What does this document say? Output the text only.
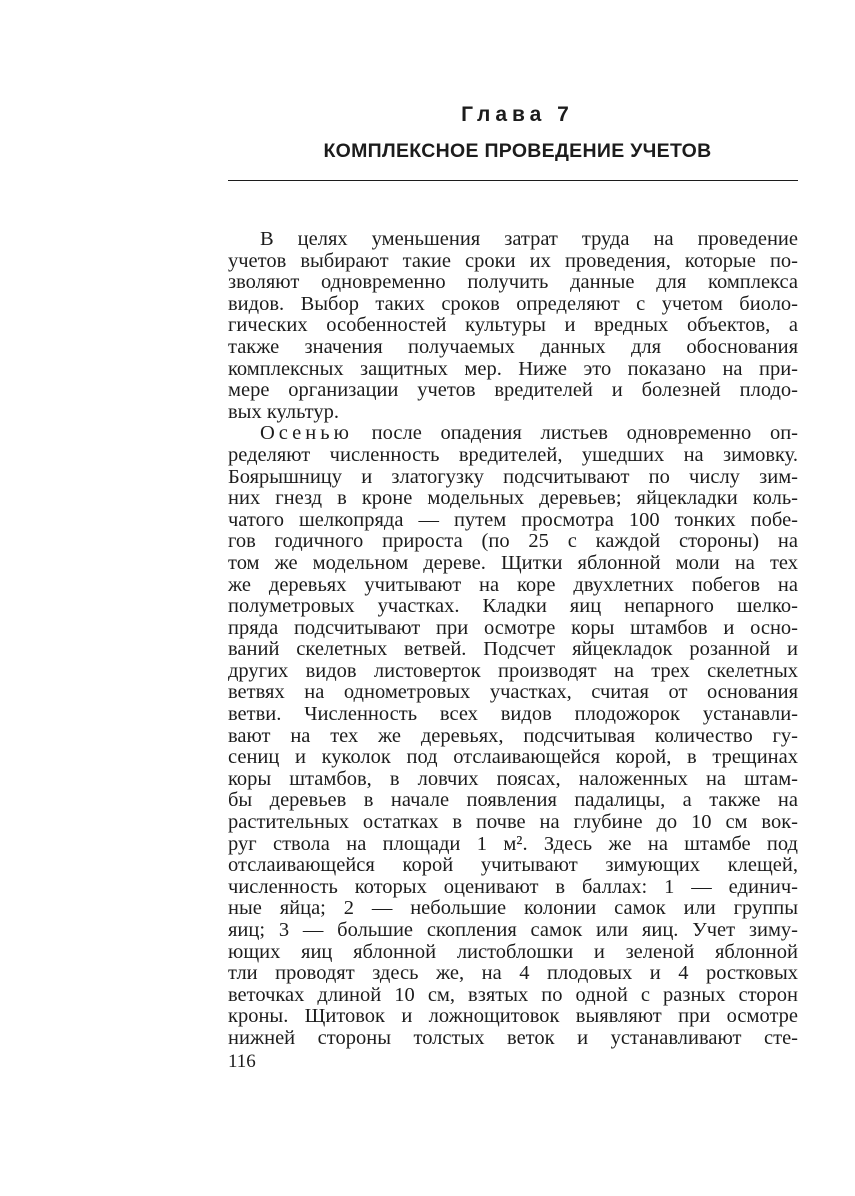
Глава 7
КОМПЛЕКСНОЕ ПРОВЕДЕНИЕ УЧЕТОВ
В целях уменьшения затрат труда на проведение
учетов выбирают такие сроки их проведения, которые по-
зволяют одновременно получить данные для комплекса
видов. Выбор таких сроков определяют с учетом биоло-
гических особенностей культуры и вредных объектов, а
также значения получаемых данных для обоснования
комплексных защитных мер. Ниже это показано на при-
мере организации учетов вредителей и болезней плодо-
вых культур.
Осенью после опадения листьев одновременно оп-
ределяют численность вредителей, ушедших на зимовку.
Боярышницу и златогузку подсчитывают по числу зим-
них гнезд в кроне модельных деревьев; яйцекладки коль-
чатого шелкопряда — путем просмотра 100 тонких побе-
гов годичного прироста (по 25 с каждой стороны) на
том же модельном дереве. Щитки яблонной моли на тех
же деревьях учитывают на коре двухлетних побегов на
полуметровых участках. Кладки яиц непарного шелко-
пряда подсчитывают при осмотре коры штамбов и осно-
ваний скелетных ветвей. Подсчет яйцекладок розанной и
других видов листоверток производят на трех скелетных
ветвях на однометровых участках, считая от основания
ветви. Численность всех видов плодожорок устанавли-
вают на тех же деревьях, подсчитывая количество гу-
сениц и куколок под отслаивающейся корой, в трещинах
коры штамбов, в ловчих поясах, наложенных на штам-
бы деревьев в начале появления падалицы, а также на
растительных остатках в почве на глубине до 10 см вок-
руг ствола на площади 1 м². Здесь же на штамбе под
отслаивающейся корой учитывают зимующих клещей,
численность которых оценивают в баллах: 1 — единич-
ные яйца; 2 — небольшие колонии самок или группы
яиц; 3 — большие скопления самок или яиц. Учет зиму-
ющих яиц яблонной листоблошки и зеленой яблонной
тли проводят здесь же, на 4 плодовых и 4 ростковых
веточках длиной 10 см, взятых по одной с разных сторон
кроны. Щитовок и ложнощитовок выявляют при осмотре
нижней стороны толстых веток и устанавливают сте-
116
